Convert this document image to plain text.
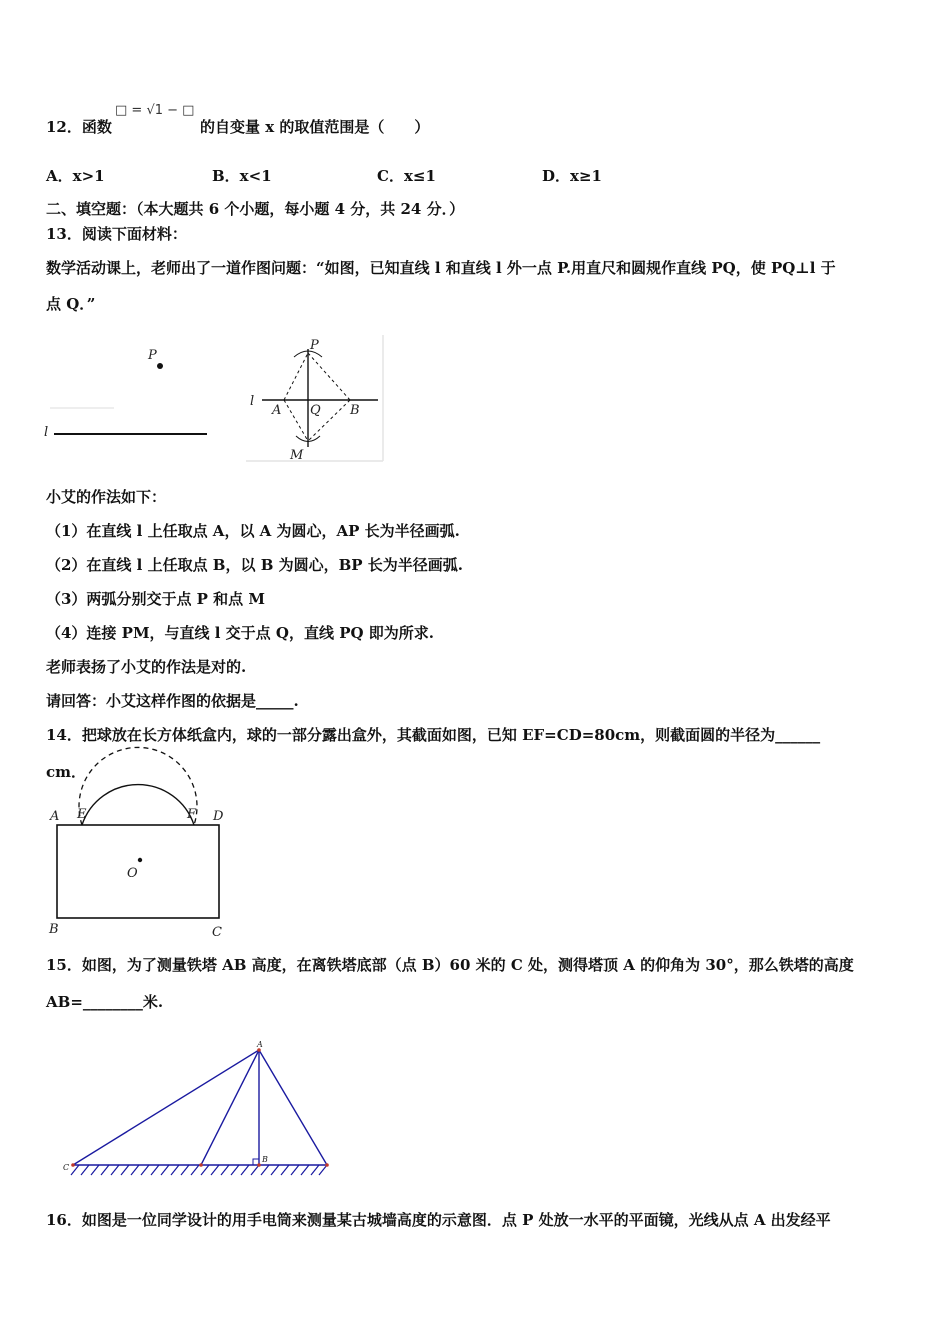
12．函数
□ = √1 − □
的自变量 x 的取值范围是（　　）
A．x>1	B．x<1	C．x≤1	D．x≥1
二、填空题：（本大题共 6 个小题，每小题 4 分，共 24 分．）
13．阅读下面材料：
数学活动课上，老师出了一道作图问题：“如图，已知直线 l 和直线 l 外一点 P.用直尺和圆规作直线 PQ，使 PQ⊥l 于
点 Q．”
P
l
P
l
A Q B
M
小艾的作法如下：
（1）在直线 l 上任取点 A，以 A 为圆心，AP 长为半径画弧.
（2）在直线 l 上任取点 B，以 B 为圆心，BP 长为半径画弧.
（3）两弧分别交于点 P 和点 M
（4）连接 PM，与直线 l 交于点 Q，直线 PQ 即为所求.
老师表扬了小艾的作法是对的.
请回答：小艾这样作图的依据是_____.
14．把球放在长方体纸盒内，球的一部分露出盒外，其截面如图，已知 EF=CD=80cm，则截面圆的半径为______
cm．
A E	F D
O
B	C
15．如图，为了测量铁塔 AB 高度，在离铁塔底部（点 B）60 米的 C 处，测得塔顶 A 的仰角为 30°，那么铁塔的高度
AB=________米.
A
C
B
16．如图是一位同学设计的用手电筒来测量某古城墙高度的示意图．点 P 处放一水平的平面镜，光线从点 A 出发经平
